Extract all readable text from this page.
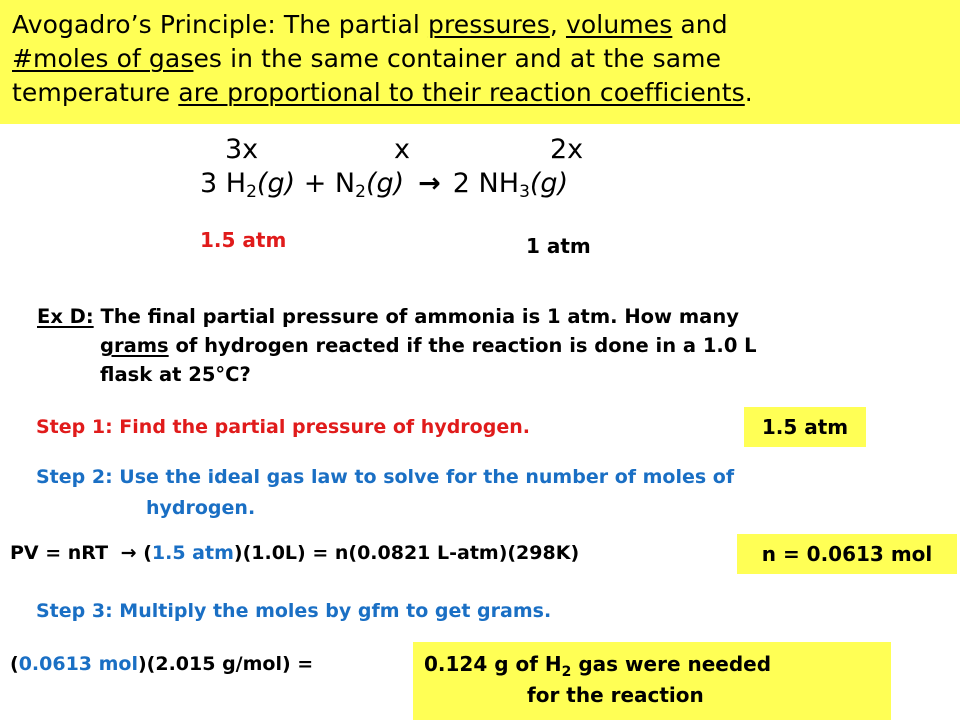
Avogadro’s Principle: The partial pressures, volumes and
#moles of gases in the same container and at the same
temperature are proportional to their reaction coefficients.
3x	x	2x
3 $H_2(g) + N_2(g) \to 2$ $NH_3(g)$
1.5 atm	1 atm
Ex D: The final partial pressure of ammonia is 1 atm. How many
grams of hydrogen reacted if the reaction is done in a 1.0 L
flask at 25°C?
Step 1: Find the partial pressure of hydrogen.	1.5 atm
Step 2: Use the ideal gas law to solve for the number of moles of
hydrogen.
PV = nRT → (1.5 atm)(1.0L) = n(0.0821 L-atm)(298K)	n = 0.0613 mol
Step 3: Multiply the moles by gfm to get grams.
(0.0613 mol)(2.015 g/mol) =	0.124 g of $H_2$ gas were needed
for the reaction
